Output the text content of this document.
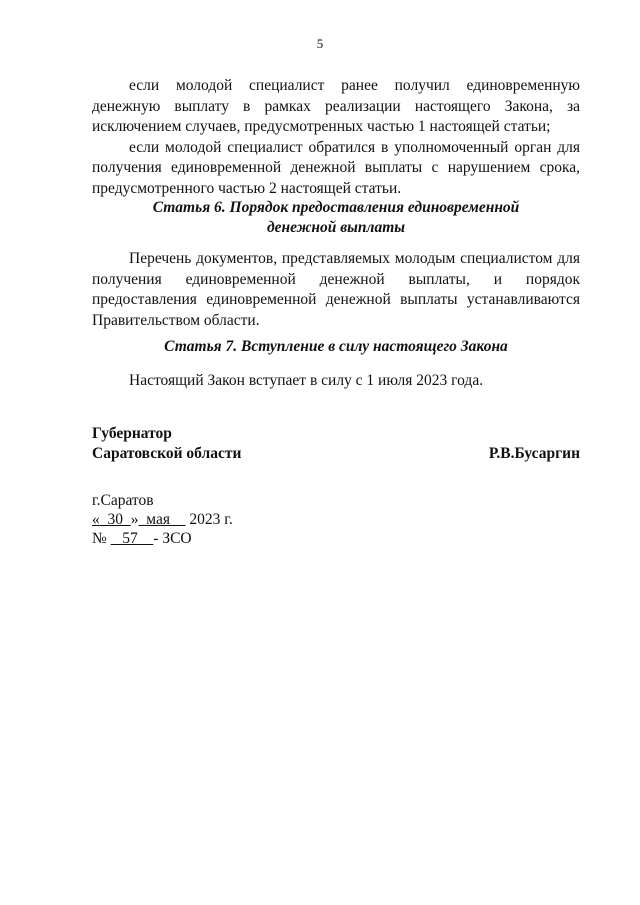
5

если молодой специалист ранее получил единовременную денежную выплату в рамках реализации настоящего Закона, за исключением случаев, предусмотренных частью 1 настоящей статьи;

если молодой специалист обратился в уполномоченный орган для получения единовременной денежной выплаты с нарушением срока, предусмотренного частью 2 настоящей статьи.

Статья 6. Порядок предоставления единовременной
денежной выплаты

Перечень документов, представляемых молодым специалистом для получения единовременной денежной выплаты, и порядок предоставления единовременной денежной выплаты устанавливаются Правительством области.

Статья 7. Вступление в силу настоящего Закона

Настоящий Закон вступает в силу с 1 июля 2023 года.

Губернатор
Саратовской области	Р.В.Бусаргин
г.Саратов
« 30 » мая 2023 г.
№ 57 - ЗСО
